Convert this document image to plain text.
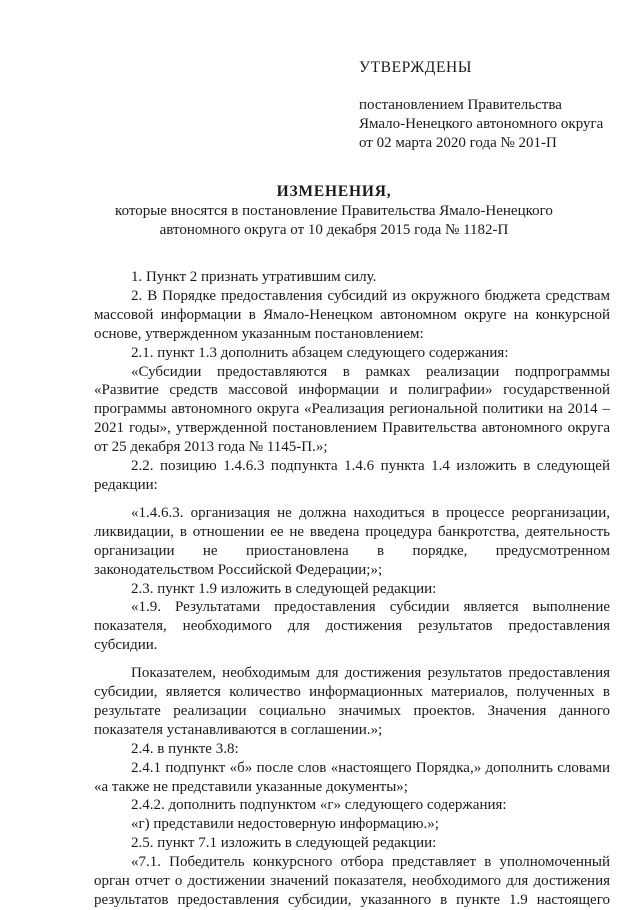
УТВЕРЖДЕНЫ
постановлением Правительства
Ямало-Ненецкого автономного округа
от 02 марта 2020 года № 201-П
ИЗМЕНЕНИЯ,
которые вносятся в постановление Правительства Ямало-Ненецкого
автономного округа от 10 декабря 2015 года № 1182-П

1. Пункт 2 признать утратившим силу.

2. В Порядке предоставления субсидий из окружного бюджета средствам массовой информации в Ямало-Ненецком автономном округе на конкурсной основе, утвержденном указанным постановлением:

2.1. пункт 1.3 дополнить абзацем следующего содержания:

«Субсидии предоставляются в рамках реализации подпрограммы «Развитие средств массовой информации и полиграфии» государственной программы автономного округа «Реализация региональной политики на 2014 – 2021 годы», утвержденной постановлением Правительства автономного округа от 25 декабря 2013 года № 1145-П.»;

2.2. позицию 1.4.6.3 подпункта 1.4.6 пункта 1.4 изложить в следующей редакции:

«1.4.6.3. организация не должна находиться в процессе реорганизации, ликвидации, в отношении ее не введена процедура банкротства, деятельность организации не приостановлена в порядке, предусмотренном законодательством Российской Федерации;»;

2.3. пункт 1.9 изложить в следующей редакции:

«1.9. Результатами предоставления субсидии является выполнение показателя, необходимого для достижения результатов предоставления субсидии.

Показателем, необходимым для достижения результатов предоставления субсидии, является количество информационных материалов, полученных в результате реализации социально значимых проектов. Значения данного показателя устанавливаются в соглашении.»;

2.4. в пункте 3.8:

2.4.1 подпункт «б» после слов «настоящего Порядка,» дополнить словами «а также не представили указанные документы»;

2.4.2. дополнить подпунктом «г» следующего содержания:

«г) представили недостоверную информацию.»;

2.5. пункт 7.1 изложить в следующей редакции:

«7.1. Победитель конкурсного отбора представляет в уполномоченный орган отчет о достижении значений показателя, необходимого для достижения результатов предоставления субсидии, указанного в пункте 1.9 настоящего
